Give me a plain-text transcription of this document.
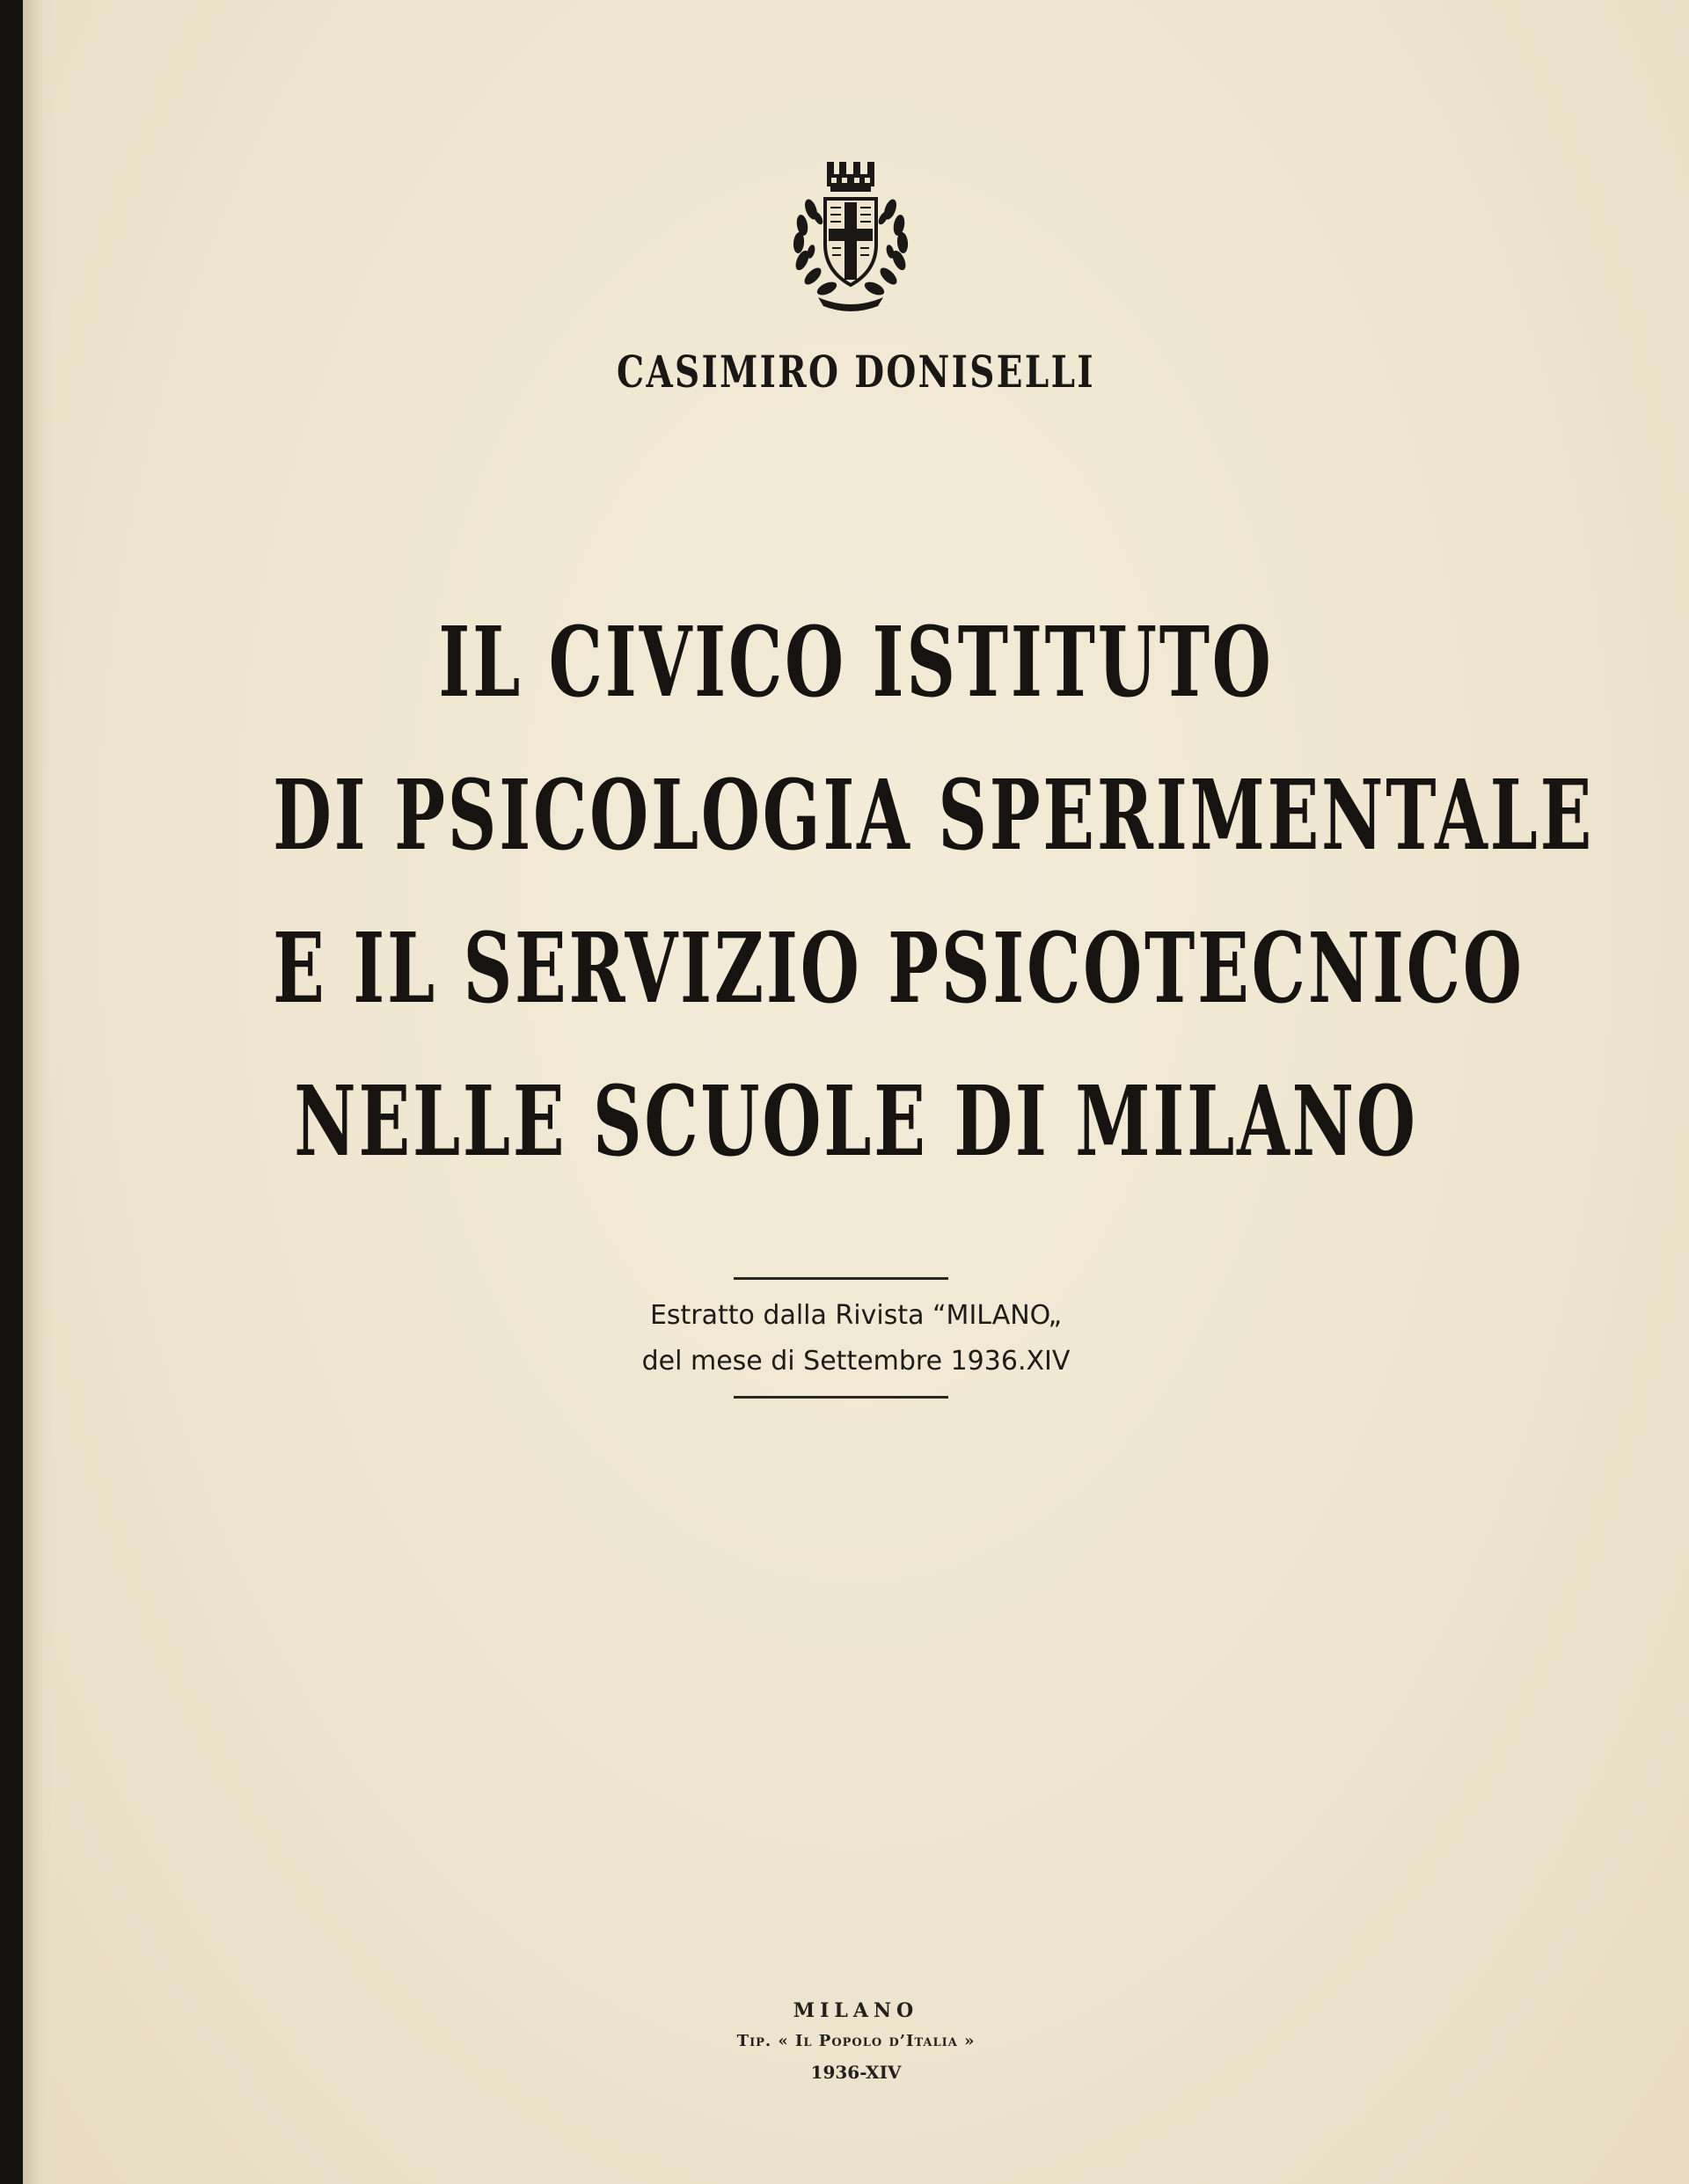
CASIMIRO DONISELLI
IL CIVICO ISTITUTO
DI PSICOLOGIA SPERIMENTALE
E IL SERVIZIO PSICOTECNICO
NELLE SCUOLE DI MILANO
Estratto dalla Rivista “MILANO„
del mese di Settembre 1936.XIV
MILANO
Tip. « Il Popolo d’Italia »
1936-XIV
